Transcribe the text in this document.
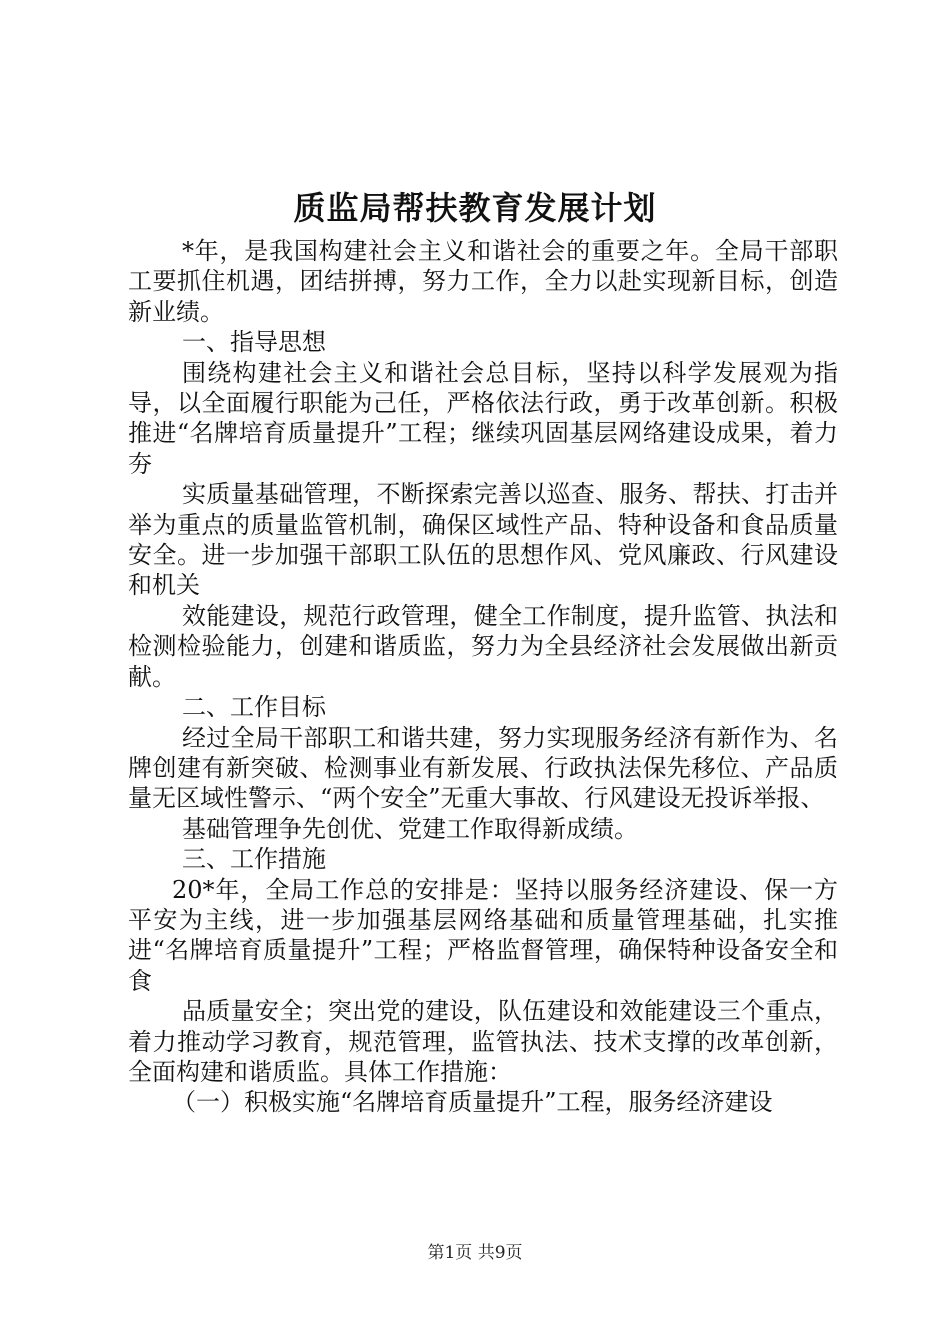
质监局帮扶教育发展计划

*年，是我国构建社会主义和谐社会的重要之年。全局干部职工要抓住机遇，团结拼搏，努力工作，全力以赴实现新目标，创造新业绩。

一、指导思想

围绕构建社会主义和谐社会总目标，坚持以科学发展观为指导，以全面履行职能为己任，严格依法行政，勇于改革创新。积极推进“名牌培育质量提升”工程；继续巩固基层网络建设成果，着力夯

实质量基础管理，不断探索完善以巡查、服务、帮扶、打击并举为重点的质量监管机制，确保区域性产品、特种设备和食品质量安全。进一步加强干部职工队伍的思想作风、党风廉政、行风建设和机关

效能建设，规范行政管理，健全工作制度，提升监管、执法和检测检验能力，创建和谐质监，努力为全县经济社会发展做出新贡献。

二、工作目标

经过全局干部职工和谐共建，努力实现服务经济有新作为、名牌创建有新突破、检测事业有新发展、行政执法保先移位、产品质量无区域性警示、“两个安全”无重大事故、行风建设无投诉举报、

基础管理争先创优、党建工作取得新成绩。

三、工作措施

20*年，全局工作总的安排是：坚持以服务经济建设、保一方平安为主线，进一步加强基层网络基础和质量管理基础，扎实推进“名牌培育质量提升”工程；严格监督管理，确保特种设备安全和食

品质量安全；突出党的建设，队伍建设和效能建设三个重点，着力推动学习教育，规范管理，监管执法、技术支撑的改革创新，全面构建和谐质监。具体工作措施：

（一）积极实施“名牌培育质量提升”工程，服务经济建设

第1页 共9页
